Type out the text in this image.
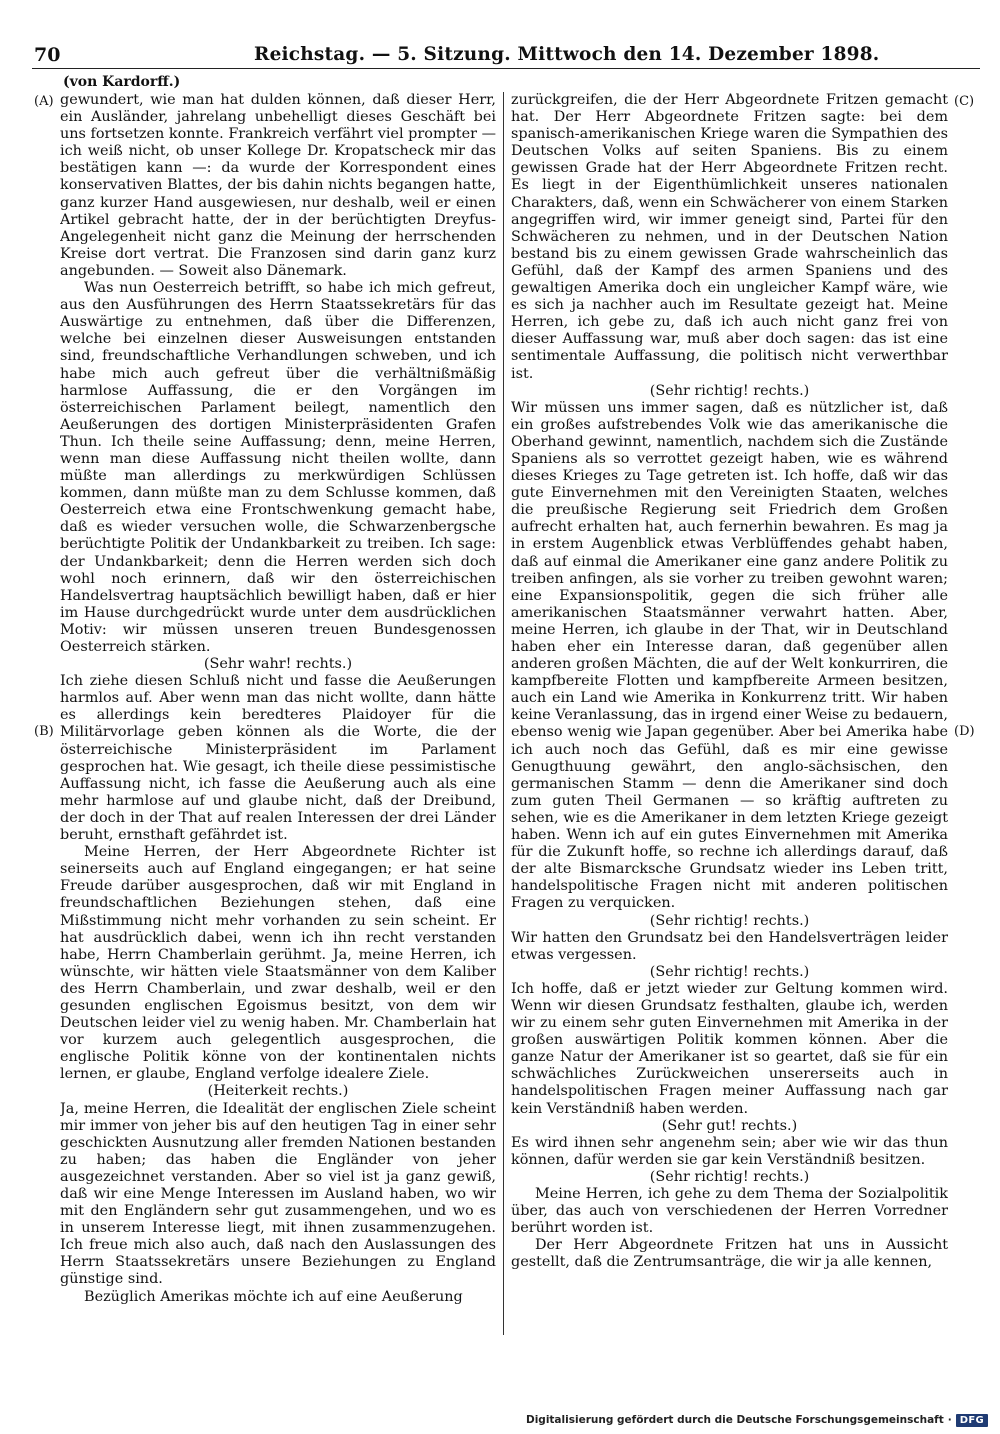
70	Reichstag. — 5. Sitzung. Mittwoch den 14. Dezember 1898.
(von Kardorff.)
(A)
(B)
(C)
(D)

gewundert, wie man hat dulden können, daß dieser Herr, ein Ausländer, jahrelang unbehelligt dieses Geschäft bei uns fortsetzen konnte. Frankreich verfährt viel prompter — ich weiß nicht, ob unser Kollege Dr. Kropatscheck mir das bestätigen kann —: da wurde der Korrespondent eines konservativen Blattes, der bis dahin nichts begangen hatte, ganz kurzer Hand ausgewiesen, nur deshalb, weil er einen Artikel gebracht hatte, der in der berüchtigten Dreyfus-Angelegenheit nicht ganz die Meinung der herrschenden Kreise dort vertrat. Die Franzosen sind darin ganz kurz angebunden. — Soweit also Dänemark.

Was nun Oesterreich betrifft, so habe ich mich gefreut, aus den Ausführungen des Herrn Staatssekretärs für das Auswärtige zu entnehmen, daß über die Differenzen, welche bei einzelnen dieser Ausweisungen entstanden sind, freundschaftliche Verhandlungen schweben, und ich habe mich auch gefreut über die verhältnißmäßig harmlose Auffassung, die er den Vorgängen im österreichischen Parlament beilegt, namentlich den Aeußerungen des dortigen Ministerpräsidenten Grafen Thun. Ich theile seine Auffassung; denn, meine Herren, wenn man diese Auffassung nicht theilen wollte, dann müßte man allerdings zu merkwürdigen Schlüssen kommen, dann müßte man zu dem Schlusse kommen, daß Oesterreich etwa eine Frontschwenkung gemacht habe, daß es wieder versuchen wolle, die Schwarzenbergsche berüchtigte Politik der Undankbarkeit zu treiben. Ich sage: der Undankbarkeit; denn die Herren werden sich doch wohl noch erinnern, daß wir den österreichischen Handelsvertrag hauptsächlich bewilligt haben, daß er hier im Hause durchgedrückt wurde unter dem ausdrücklichen Motiv: wir müssen unseren treuen Bundesgenossen Oesterreich stärken.

(Sehr wahr! rechts.)

Ich ziehe diesen Schluß nicht und fasse die Aeußerungen harmlos auf. Aber wenn man das nicht wollte, dann hätte es allerdings kein beredteres Plaidoyer für die Militärvorlage geben können als die Worte, die der österreichische Ministerpräsident im Parlament gesprochen hat. Wie gesagt, ich theile diese pessimistische Auffassung nicht, ich fasse die Aeußerung auch als eine mehr harmlose auf und glaube nicht, daß der Dreibund, der doch in der That auf realen Interessen der drei Länder beruht, ernsthaft gefährdet ist.

Meine Herren, der Herr Abgeordnete Richter ist seinerseits auch auf England eingegangen; er hat seine Freude darüber ausgesprochen, daß wir mit England in freundschaftlichen Beziehungen stehen, daß eine Mißstimmung nicht mehr vorhanden zu sein scheint. Er hat ausdrücklich dabei, wenn ich ihn recht verstanden habe, Herrn Chamberlain gerühmt. Ja, meine Herren, ich wünschte, wir hätten viele Staatsmänner von dem Kaliber des Herrn Chamberlain, und zwar deshalb, weil er den gesunden englischen Egoismus besitzt, von dem wir Deutschen leider viel zu wenig haben. Mr. Chamberlain hat vor kurzem auch gelegentlich ausgesprochen, die englische Politik könne von der kontinentalen nichts lernen, er glaube, England verfolge idealere Ziele.

(Heiterkeit rechts.)

Ja, meine Herren, die Idealität der englischen Ziele scheint mir immer von jeher bis auf den heutigen Tag in einer sehr geschickten Ausnutzung aller fremden Nationen bestanden zu haben; das haben die Engländer von jeher ausgezeichnet verstanden. Aber so viel ist ja ganz gewiß, daß wir eine Menge Interessen im Ausland haben, wo wir mit den Engländern sehr gut zusammengehen, und wo es in unserem Interesse liegt, mit ihnen zusammenzugehen. Ich freue mich also auch, daß nach den Auslassungen des Herrn Staatssekretärs unsere Beziehungen zu England günstige sind.

Bezüglich Amerikas möchte ich auf eine Aeußerung

zurückgreifen, die der Herr Abgeordnete Fritzen gemacht hat. Der Herr Abgeordnete Fritzen sagte: bei dem spanisch-amerikanischen Kriege waren die Sympathien des Deutschen Volks auf seiten Spaniens. Bis zu einem gewissen Grade hat der Herr Abgeordnete Fritzen recht. Es liegt in der Eigenthümlichkeit unseres nationalen Charakters, daß, wenn ein Schwächerer von einem Starken angegriffen wird, wir immer geneigt sind, Partei für den Schwächeren zu nehmen, und in der Deutschen Nation bestand bis zu einem gewissen Grade wahrscheinlich das Gefühl, daß der Kampf des armen Spaniens und des gewaltigen Amerika doch ein ungleicher Kampf wäre, wie es sich ja nachher auch im Resultate gezeigt hat. Meine Herren, ich gebe zu, daß ich auch nicht ganz frei von dieser Auffassung war, muß aber doch sagen: das ist eine sentimentale Auffassung, die politisch nicht verwerthbar ist.

(Sehr richtig! rechts.)

Wir müssen uns immer sagen, daß es nützlicher ist, daß ein großes aufstrebendes Volk wie das amerikanische die Oberhand gewinnt, namentlich, nachdem sich die Zustände Spaniens als so verrottet gezeigt haben, wie es während dieses Krieges zu Tage getreten ist. Ich hoffe, daß wir das gute Einvernehmen mit den Vereinigten Staaten, welches die preußische Regierung seit Friedrich dem Großen aufrecht erhalten hat, auch fernerhin bewahren. Es mag ja in erstem Augenblick etwas Verblüffendes gehabt haben, daß auf einmal die Amerikaner eine ganz andere Politik zu treiben anfingen, als sie vorher zu treiben gewohnt waren; eine Expansionspolitik, gegen die sich früher alle amerikanischen Staatsmänner verwahrt hatten. Aber, meine Herren, ich glaube in der That, wir in Deutschland haben eher ein Interesse daran, daß gegenüber allen anderen großen Mächten, die auf der Welt konkurriren, die kampfbereite Flotten und kampfbereite Armeen besitzen, auch ein Land wie Amerika in Konkurrenz tritt. Wir haben keine Veranlassung, das in irgend einer Weise zu bedauern, ebenso wenig wie Japan gegenüber. Aber bei Amerika habe ich auch noch das Gefühl, daß es mir eine gewisse Genugthuung gewährt, den anglo-sächsischen, den germanischen Stamm — denn die Amerikaner sind doch zum guten Theil Germanen — so kräftig auftreten zu sehen, wie es die Amerikaner in dem letzten Kriege gezeigt haben. Wenn ich auf ein gutes Einvernehmen mit Amerika für die Zukunft hoffe, so rechne ich allerdings darauf, daß der alte Bismarcksche Grundsatz wieder ins Leben tritt, handelspolitische Fragen nicht mit anderen politischen Fragen zu verquicken.

(Sehr richtig! rechts.)

Wir hatten den Grundsatz bei den Handelsverträgen leider etwas vergessen.

(Sehr richtig! rechts.)

Ich hoffe, daß er jetzt wieder zur Geltung kommen wird. Wenn wir diesen Grundsatz festhalten, glaube ich, werden wir zu einem sehr guten Einvernehmen mit Amerika in der großen auswärtigen Politik kommen können. Aber die ganze Natur der Amerikaner ist so geartet, daß sie für ein schwächliches Zurückweichen unsererseits auch in handelspolitischen Fragen meiner Auffassung nach gar kein Verständniß haben werden.

(Sehr gut! rechts.)

Es wird ihnen sehr angenehm sein; aber wie wir das thun können, dafür werden sie gar kein Verständniß besitzen.

(Sehr richtig! rechts.)

Meine Herren, ich gehe zu dem Thema der Sozialpolitik über, das auch von verschiedenen der Herren Vorredner berührt worden ist.

Der Herr Abgeordnete Fritzen hat uns in Aussicht gestellt, daß die Zentrumsanträge, die wir ja alle kennen,

Digitalisierung gefördert durch die Deutsche Forschungsgemeinschaft · DFG
